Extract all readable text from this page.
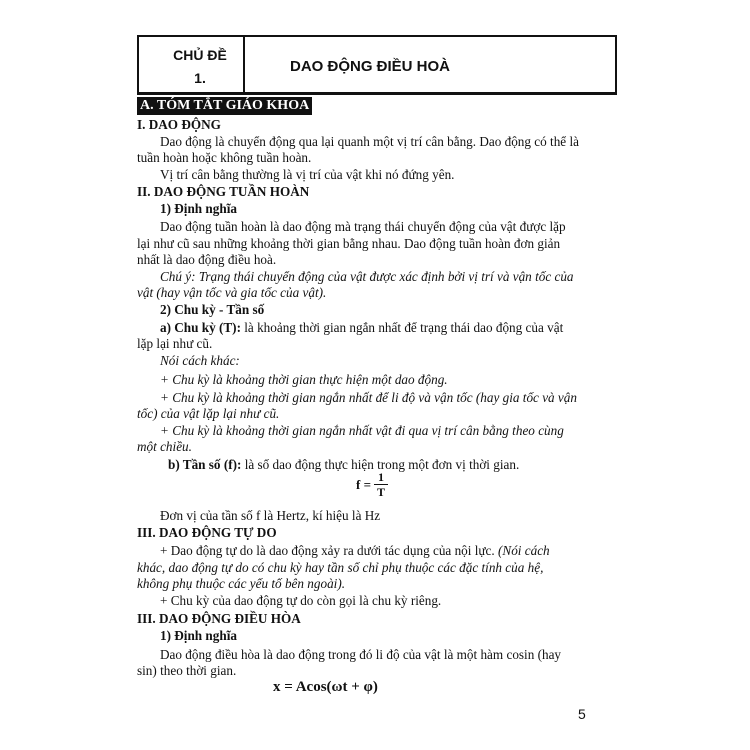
CHỦ ĐỀ
1.
DAO ĐỘNG ĐIỀU HOÀ
A. TÓM TẮT GIÁO KHOA
I. DAO ĐỘNG
Dao động là chuyển động qua lại quanh một vị trí cân bằng. Dao động có thể là
tuần hoàn hoặc không tuần hoàn.
Vị trí cân bằng thường là vị trí của vật khi nó đứng yên.
II. DAO ĐỘNG TUẦN HOÀN
1) Định nghĩa
Dao động tuần hoàn là dao động mà trạng thái chuyển động của vật được lặp
lại như cũ sau những khoảng thời gian bằng nhau. Dao động tuần hoàn đơn giản
nhất là dao động điều hoà.
Chú ý: Trạng thái chuyển động của vật được xác định bởi vị trí và vận tốc của
vật (hay vận tốc và gia tốc của vật).
2) Chu kỳ - Tần số
a) Chu kỳ (T): là khoảng thời gian ngắn nhất để trạng thái dao động của vật
lặp lại như cũ.
Nói cách khác:
+ Chu kỳ là khoảng thời gian thực hiện một dao động.
+ Chu kỳ là khoảng thời gian ngắn nhất để li độ và vận tốc (hay gia tốc và vận
tốc) của vật lặp lại như cũ.
+ Chu kỳ là khoảng thời gian ngắn nhất vật đi qua vị trí cân bằng theo cùng
một chiều.
b) Tần số (f): là số dao động thực hiện trong một đơn vị thời gian.
$f = \frac{1}{T}$
Đơn vị của tần số f là Hertz, kí hiệu là Hz
III. DAO ĐỘNG TỰ DO
+ Dao động tự do là dao động xảy ra dưới tác dụng của nội lực. (Nói cách
khác, dao động tự do có chu kỳ hay tần số chỉ phụ thuộc các đặc tính của hệ,
không phụ thuộc các yếu tố bên ngoài).
+ Chu kỳ của dao động tự do còn gọi là chu kỳ riêng.
III. DAO ĐỘNG ĐIỀU HÒA
1) Định nghĩa
Dao động điều hòa là dao động trong đó li độ của vật là một hàm cosin (hay
sin) theo thời gian.
x = Acos(ωt + φ)
5
